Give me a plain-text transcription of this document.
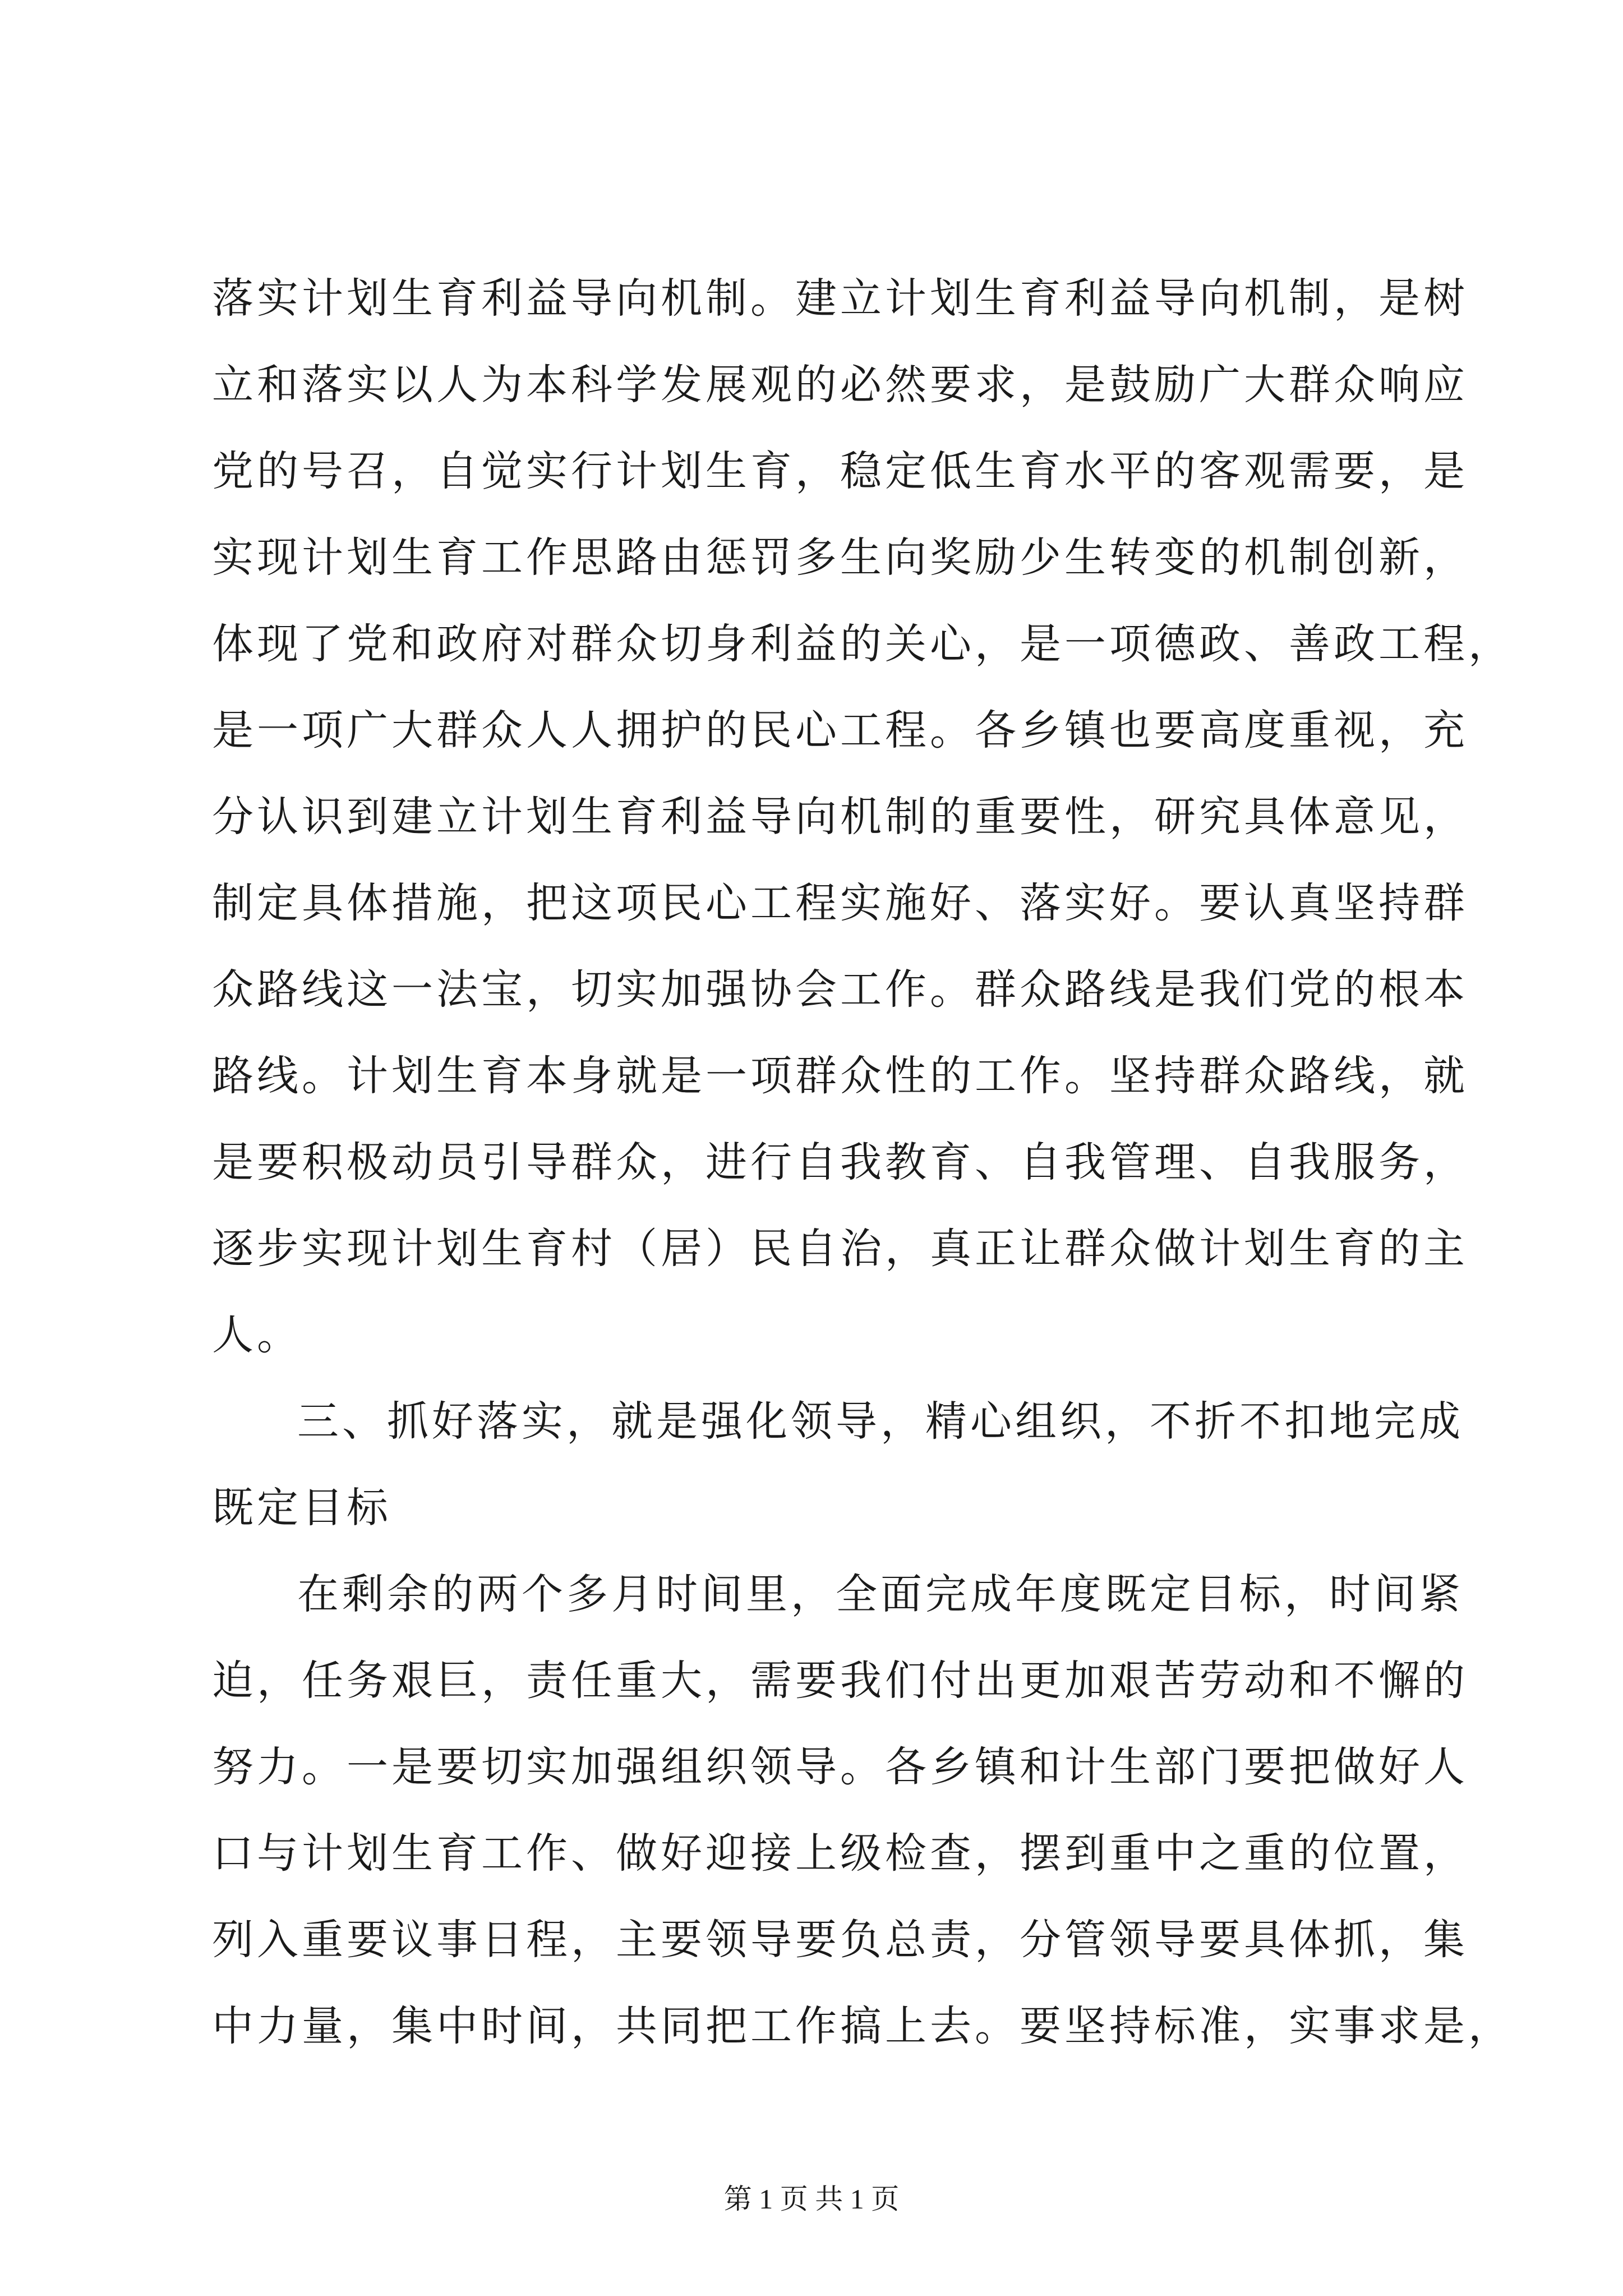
落实计划生育利益导向机制。建立计划生育利益导向机制，是树
立和落实以人为本科学发展观的必然要求，是鼓励广大群众响应
党的号召，自觉实行计划生育，稳定低生育水平的客观需要，是
实现计划生育工作思路由惩罚多生向奖励少生转变的机制创新，
体现了党和政府对群众切身利益的关心，是一项德政、善政工程，
是一项广大群众人人拥护的民心工程。各乡镇也要高度重视，充
分认识到建立计划生育利益导向机制的重要性，研究具体意见，
制定具体措施，把这项民心工程实施好、落实好。要认真坚持群
众路线这一法宝，切实加强协会工作。群众路线是我们党的根本
路线。计划生育本身就是一项群众性的工作。坚持群众路线，就
是要积极动员引导群众，进行自我教育、自我管理、自我服务，
逐步实现计划生育村（居）民自治，真正让群众做计划生育的主
人。
三、抓好落实，就是强化领导，精心组织，不折不扣地完成
既定目标
在剩余的两个多月时间里，全面完成年度既定目标，时间紧
迫，任务艰巨，责任重大，需要我们付出更加艰苦劳动和不懈的
努力。一是要切实加强组织领导。各乡镇和计生部门要把做好人
口与计划生育工作、做好迎接上级检查，摆到重中之重的位置，
列入重要议事日程，主要领导要负总责，分管领导要具体抓，集
中力量，集中时间，共同把工作搞上去。要坚持标准，实事求是，
第 1 页 共 1 页
